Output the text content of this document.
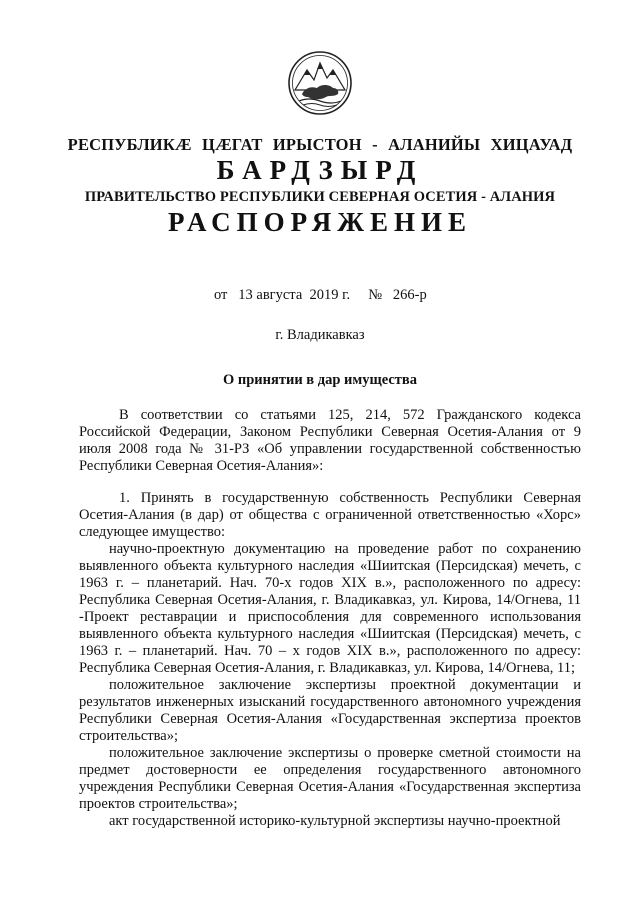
РЕСПУБЛИКӔ ЦӔГАТ ИРЫСТОН - АЛАНИЙЫ ХИЦАУАД

БАРДЗЫРД

ПРАВИТЕЛЬСТВО РЕСПУБЛИКИ СЕВЕРНАЯ ОСЕТИЯ - АЛАНИЯ

РАСПОРЯЖЕНИЕ

от   13 августа  2019 г.     №   266-р
г. Владикавказ
О принятии в дар имущества

В соответствии со статьями 125, 214, 572 Гражданского кодекса Российской Федерации, Законом Республики Северная Осетия-Алания от 9 июля 2008 года № 31-РЗ «Об управлении государственной собственностью Республики Северная Осетия-Алания»:

1. Принять в государственную собственность Республики Северная Осетия-Алания (в дар) от общества с ограниченной ответственностью «Хорс» следующее имущество:

научно-проектную документацию на проведение работ по сохранению выявленного объекта культурного наследия «Шиитская (Персидская) мечеть, с 1963 г. – планетарий. Нач. 70-х годов XIX в.», расположенного по адресу: Республика Северная Осетия-Алания, г. Владикавказ, ул. Кирова, 14/Огнева, 11 -Проект реставрации и приспособления для современного использования выявленного объекта культурного наследия «Шиитская (Персидская) мечеть, с 1963 г. – планетарий. Нач. 70 – х годов XIX в.», расположенного по адресу: Республика Северная Осетия-Алания, г. Владикавказ, ул. Кирова, 14/Огнева, 11;

положительное заключение экспертизы проектной документации и результатов инженерных изысканий государственного автономного учреждения Республики Северная Осетия-Алания «Государственная экспертиза проектов строительства»;

положительное заключение экспертизы о проверке сметной стоимости на предмет достоверности ее определения государственного автономного учреждения Республики Северная Осетия-Алания «Государственная экспертиза проектов строительства»;

акт государственной историко-культурной экспертизы научно-проектной
